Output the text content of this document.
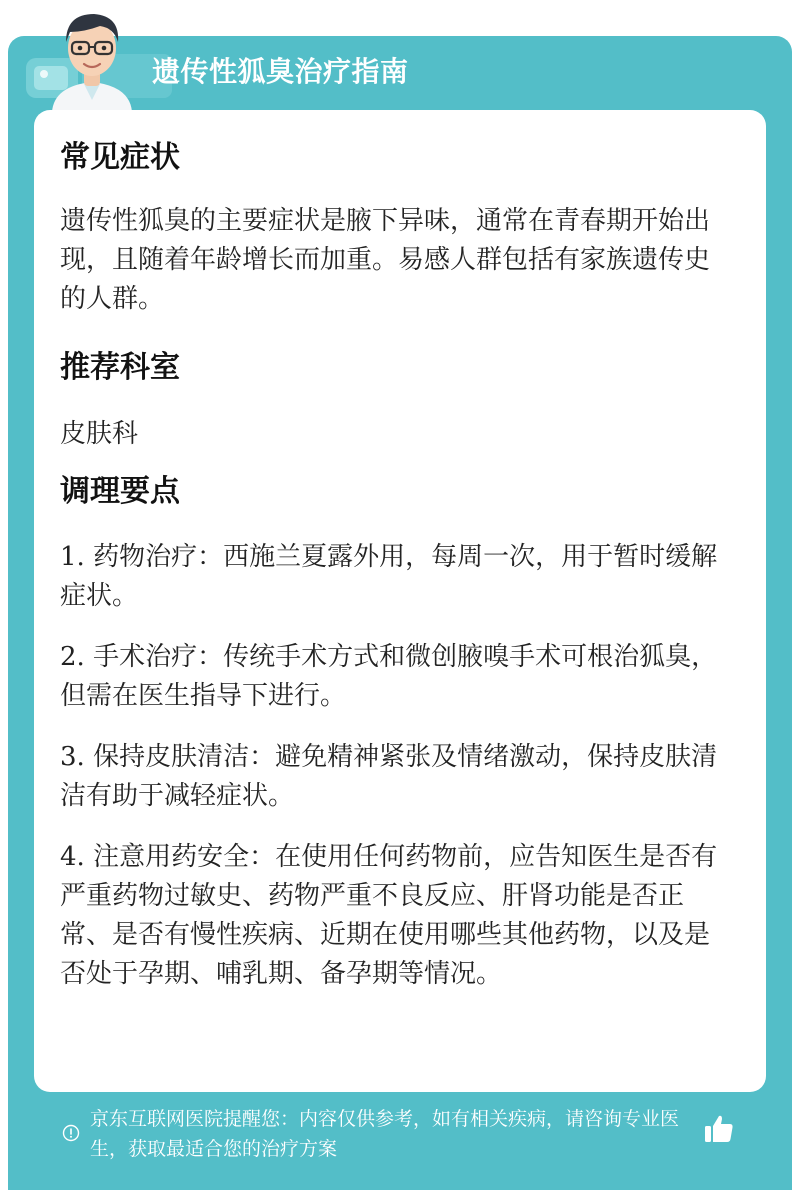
遗传性狐臭治疗指南
常见症状

遗传性狐臭的主要症状是腋下异味，通常在青春期开始出现，且随着年龄增长而加重。易感人群包括有家族遗传史的人群。

推荐科室

皮肤科

调理要点

1. 药物治疗：西施兰夏露外用，每周一次，用于暂时缓解症状。

2. 手术治疗：传统手术方式和微创腋嗅手术可根治狐臭，但需在医生指导下进行。

3. 保持皮肤清洁：避免精神紧张及情绪激动，保持皮肤清洁有助于减轻症状。

4. 注意用药安全：在使用任何药物前，应告知医生是否有严重药物过敏史、药物严重不良反应、肝肾功能是否正常、是否有慢性疾病、近期在使用哪些其他药物，以及是否处于孕期、哺乳期、备孕期等情况。

京东互联网医院提醒您：内容仅供参考，如有相关疾病，请咨询专业医生，获取最适合您的治疗方案
